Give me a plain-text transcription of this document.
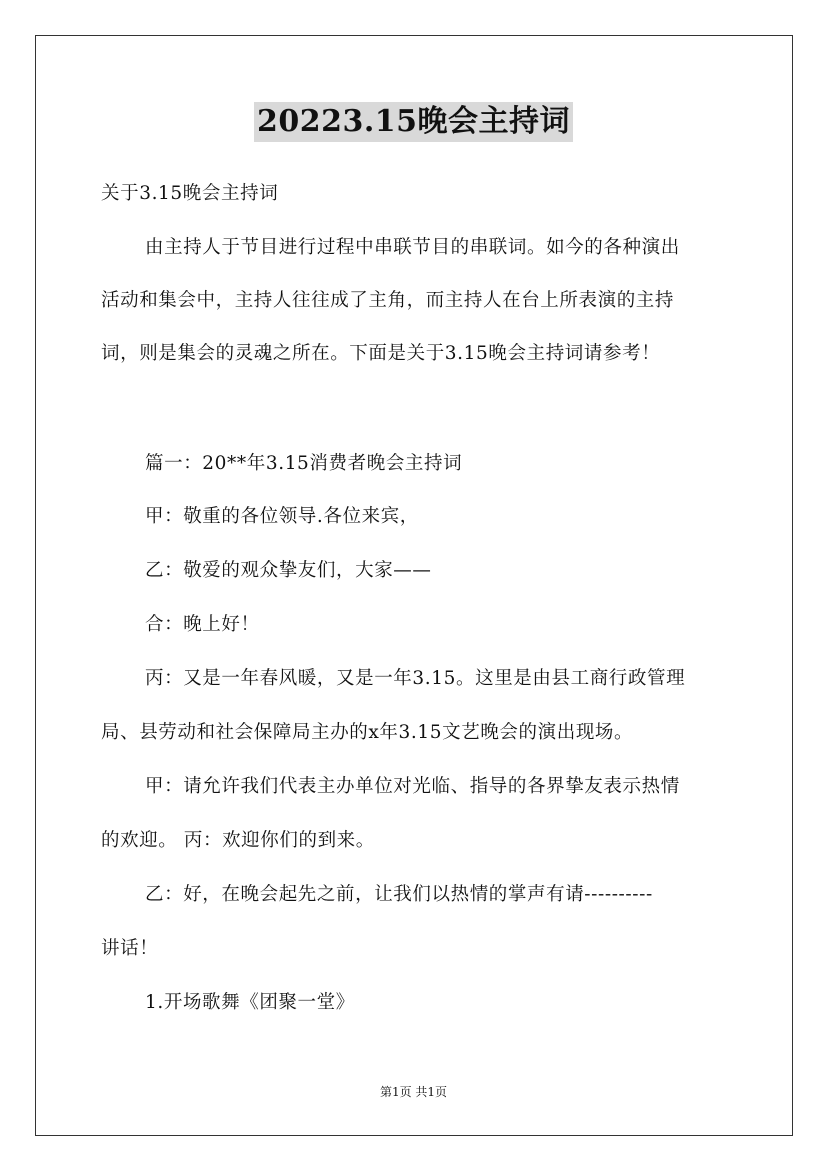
20223.15晚会主持词
关于3.15晚会主持词
由主持人于节目进行过程中串联节目的串联词。如今的各种演出
活动和集会中，主持人往往成了主角，而主持人在台上所表演的主持
词，则是集会的灵魂之所在。下面是关于3.15晚会主持词请参考！
篇一：20**年3.15消费者晚会主持词
甲：敬重的各位领导.各位来宾，
乙：敬爱的观众挚友们，大家——
合：晚上好！
丙：又是一年春风暖，又是一年3.15。这里是由县工商行政管理
局、县劳动和社会保障局主办的x年3.15文艺晚会的演出现场。
甲：请允许我们代表主办单位对光临、指导的各界挚友表示热情
的欢迎。 丙：欢迎你们的到来。
乙：好，在晚会起先之前，让我们以热情的掌声有请----------
讲话！
1.开场歌舞《团聚一堂》
第1页 共1页
